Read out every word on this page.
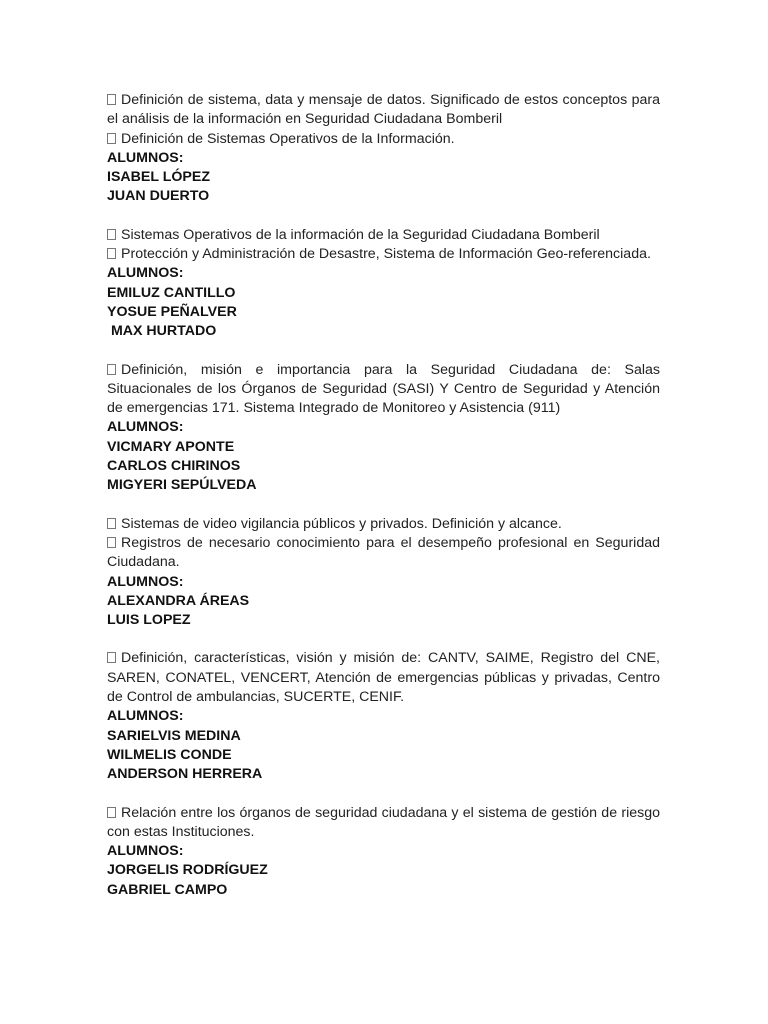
Definición de sistema, data y mensaje de datos. Significado de estos conceptos para el análisis de la información en Seguridad Ciudadana Bomberil
Definición de Sistemas Operativos de la Información.
ALUMNOS:
ISABEL LÓPEZ
JUAN DUERTO
Sistemas Operativos de la información de la Seguridad Ciudadana Bomberil
Protección y Administración de Desastre, Sistema de Información Geo-referenciada.
ALUMNOS:
EMILUZ CANTILLO
YOSUE PEÑALVER
MAX HURTADO
Definición, misión e importancia para la Seguridad Ciudadana de: Salas Situacionales de los Órganos de Seguridad (SASI) Y Centro de Seguridad y Atención de emergencias 171. Sistema Integrado de Monitoreo y Asistencia (911)
ALUMNOS:
VICMARY APONTE
CARLOS CHIRINOS
MIGYERI SEPÚLVEDA
Sistemas de video vigilancia públicos y privados. Definición y alcance.
Registros de necesario conocimiento para el desempeño profesional en Seguridad Ciudadana.
ALUMNOS:
ALEXANDRA ÁREAS
LUIS LOPEZ
Definición, características, visión y misión de: CANTV, SAIME, Registro del CNE, SAREN, CONATEL, VENCERT, Atención de emergencias públicas y privadas, Centro de Control de ambulancias, SUCERTE, CENIF.
ALUMNOS:
SARIELVIS MEDINA
WILMELIS CONDE
ANDERSON HERRERA
Relación entre los órganos de seguridad ciudadana y el sistema de gestión de riesgo con estas Instituciones.
ALUMNOS:
JORGELIS RODRÍGUEZ
GABRIEL CAMPO
